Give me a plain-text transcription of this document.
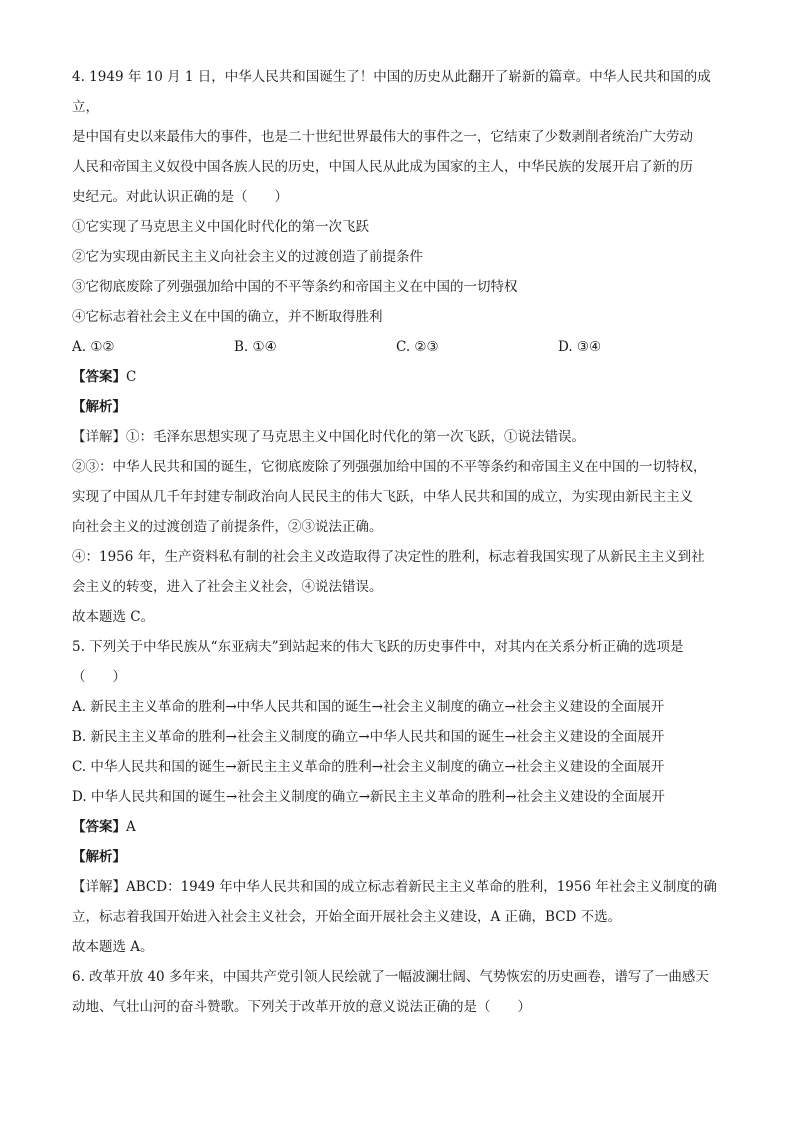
4. 1949 年 10 月 1 日，中华人民共和国诞生了！中国的历史从此翻开了崭新的篇章。中华人民共和国的成立，

是中国有史以来最伟大的事件，也是二十世纪世界最伟大的事件之一，它结束了少数剥削者统治广大劳动

人民和帝国主义奴役中国各族人民的历史，中国人民从此成为国家的主人，中华民族的发展开启了新的历

史纪元。对此认识正确的是（　　）

①它实现了马克思主义中国化时代化的第一次飞跃

②它为实现由新民主主义向社会主义的过渡创造了前提条件

③它彻底废除了列强强加给中国的不平等条约和帝国主义在中国的一切特权

④它标志着社会主义在中国的确立，并不断取得胜利

A. ①②	B. ①④	C. ②③	D. ③④

【答案】C

【解析】

【详解】①：毛泽东思想实现了马克思主义中国化时代化的第一次飞跃，①说法错误。

②③：中华人民共和国的诞生，它彻底废除了列强强加给中国的不平等条约和帝国主义在中国的一切特权，

实现了中国从几千年封建专制政治向人民民主的伟大飞跃，中华人民共和国的成立，为实现由新民主主义

向社会主义的过渡创造了前提条件，②③说法正确。

④：1956 年，生产资料私有制的社会主义改造取得了决定性的胜利，标志着我国实现了从新民主主义到社

会主义的转变，进入了社会主义社会，④说法错误。

故本题选 C。

5. 下列关于中华民族从“东亚病夫”到站起来的伟大飞跃的历史事件中，对其内在关系分析正确的选项是

（　　）

A. 新民主主义革命的胜利→中华人民共和国的诞生→社会主义制度的确立→社会主义建设的全面展开

B. 新民主主义革命的胜利→社会主义制度的确立→中华人民共和国的诞生→社会主义建设的全面展开

C. 中华人民共和国的诞生→新民主主义革命的胜利→社会主义制度的确立→社会主义建设的全面展开

D. 中华人民共和国的诞生→社会主义制度的确立→新民主主义革命的胜利→社会主义建设的全面展开

【答案】A

【解析】

【详解】ABCD：1949 年中华人民共和国的成立标志着新民主主义革命的胜利，1956 年社会主义制度的确

立，标志着我国开始进入社会主义社会，开始全面开展社会主义建设，A 正确，BCD 不选。

故本题选 A。

6. 改革开放 40 多年来，中国共产党引领人民绘就了一幅波澜壮阔、气势恢宏的历史画卷，谱写了一曲感天

动地、气壮山河的奋斗赞歌。下列关于改革开放的意义说法正确的是（　　）
